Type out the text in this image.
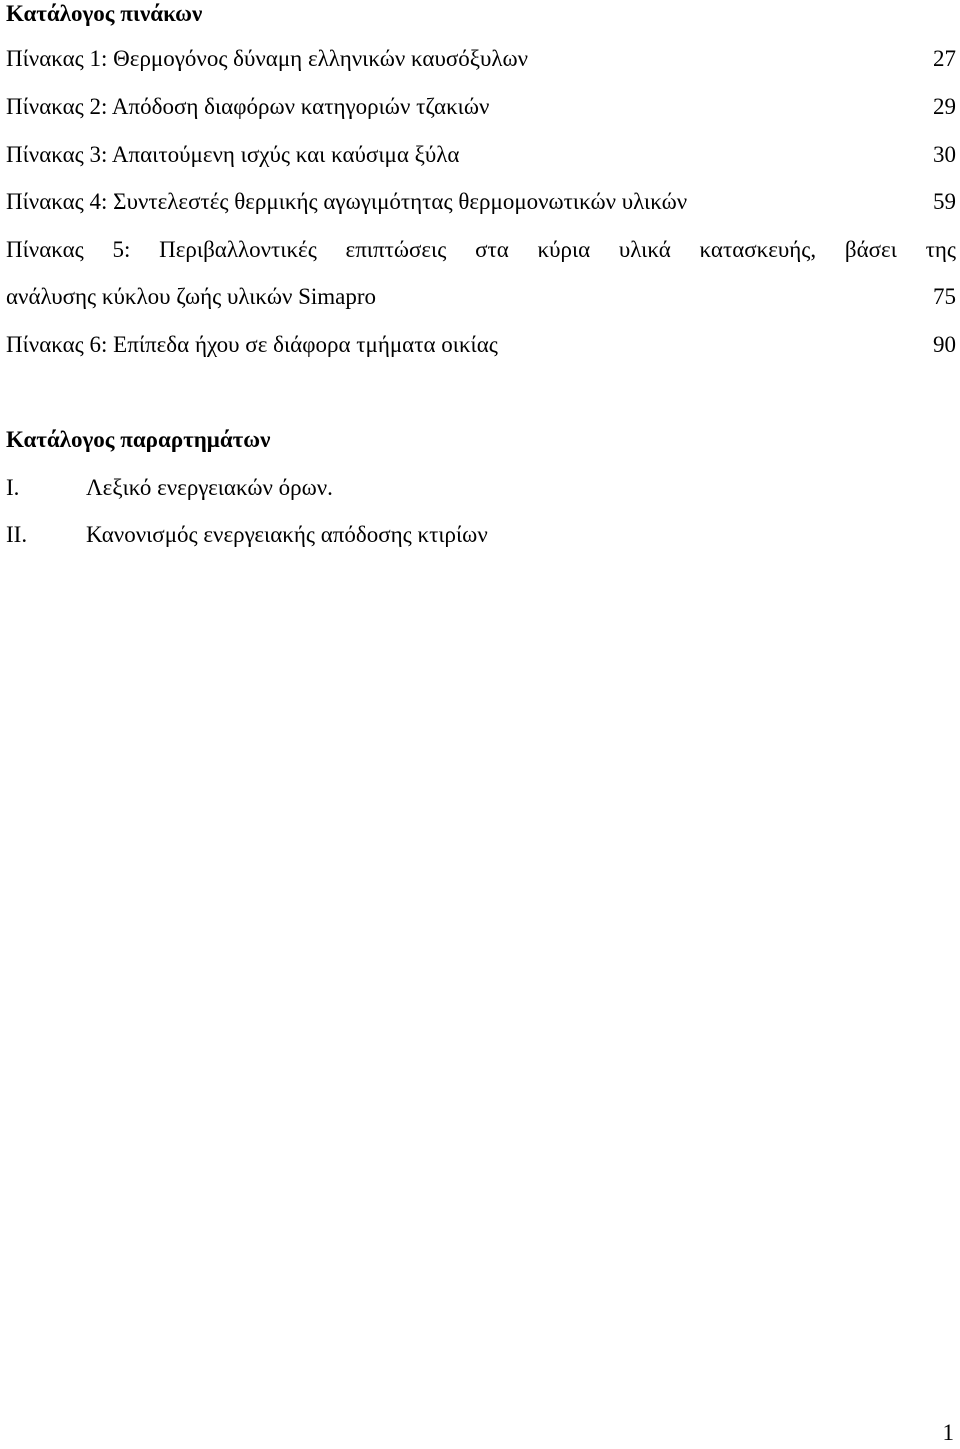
Κατάλογος πινάκων
Πίνακας 1: Θερμογόνος δύναμη ελληνικών καυσόξυλων	27
Πίνακας 2: Απόδοση διαφόρων κατηγοριών τζακιών	29
Πίνακας 3: Απαιτούμενη ισχύς και καύσιμα ξύλα	30
Πίνακας 4: Συντελεστές θερμικής αγωγιμότητας θερμομονωτικών υλικών	59
Πίνακας 5: Περιβαλλοντικές επιπτώσεις στα κύρια υλικά κατασκευής, βάσει της
ανάλυσης κύκλου ζωής υλικών Simapro	75
Πίνακας 6: Επίπεδα ήχου σε διάφορα τμήματα οικίας	90
Κατάλογος παραρτημάτων
I.	Λεξικό ενεργειακών όρων.
II.	Κανονισμός ενεργειακής απόδοσης κτιρίων
1
